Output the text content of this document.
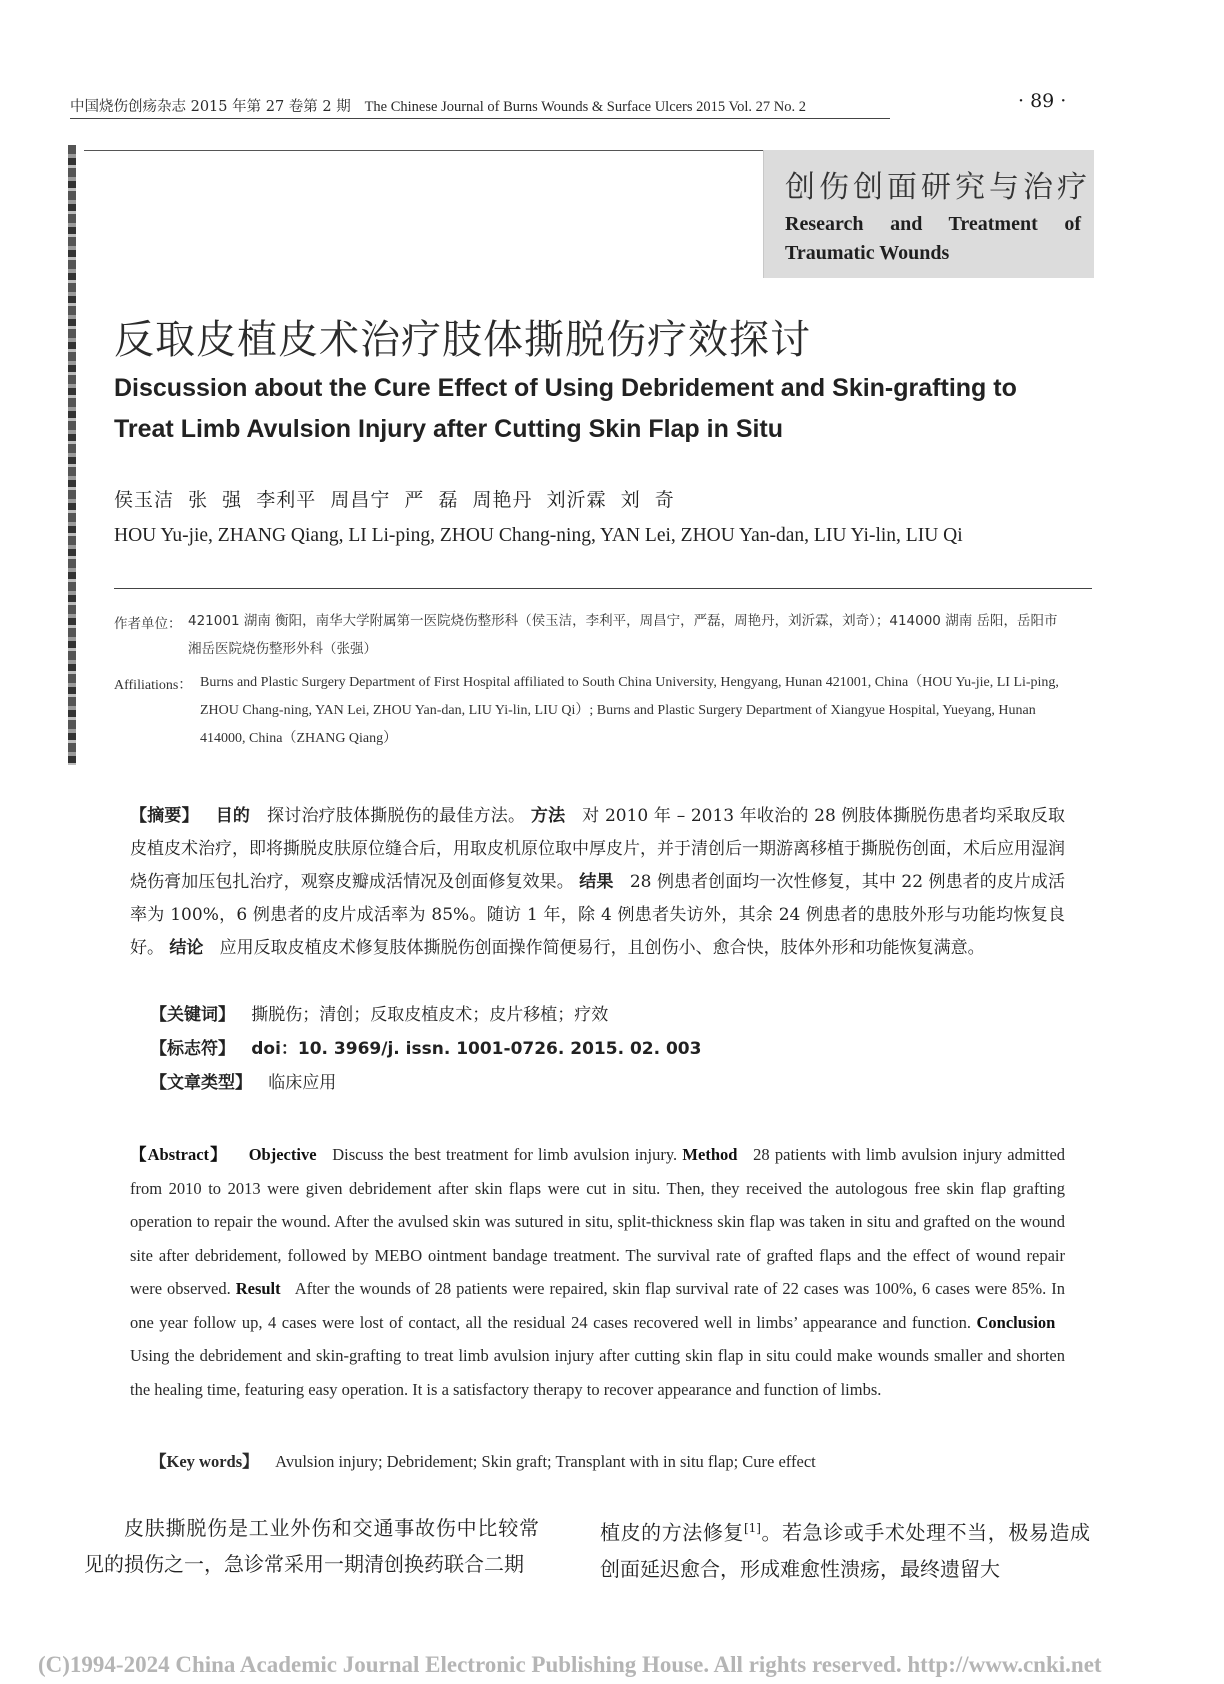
中国烧伤创疡杂志 2015 年第 27 卷第 2 期 The Chinese Journal of Burns Wounds & Surface Ulcers 2015 Vol. 27 No. 2	· 89 ·
创伤创面研究与治疗
Research and Treatment of
Traumatic Wounds
反取皮植皮术治疗肢体撕脱伤疗效探讨
Discussion about the Cure Effect of Using Debridement and Skin-grafting to Treat Limb Avulsion Injury after Cutting Skin Flap in Situ
侯玉洁  张  强  李利平  周昌宁  严  磊  周艳丹  刘沂霖  刘  奇
HOU Yu-jie, ZHANG Qiang, LI Li-ping, ZHOU Chang-ning, YAN Lei, ZHOU Yan-dan, LIU Yi-lin, LIU Qi
作者单位： 421001 湖南 衡阳，南华大学附属第一医院烧伤整形科（侯玉洁，李利平，周昌宁，严磊，周艳丹，刘沂霖，刘奇）；414000 湖南 岳阳，岳阳市湘岳医院烧伤整形外科（张强）
Affiliations： Burns and Plastic Surgery Department of First Hospital affiliated to South China University, Hengyang, Hunan 421001, China（HOU Yu-jie, LI Li-ping, ZHOU Chang-ning, YAN Lei, ZHOU Yan-dan, LIU Yi-lin, LIU Qi）; Burns and Plastic Surgery Department of Xiangyue Hospital, Yueyang, Hunan 414000, China（ZHANG Qiang）
【摘要】 目的 探讨治疗肢体撕脱伤的最佳方法。 方法 对 2010 年 – 2013 年收治的 28 例肢体撕脱伤患者均采取反取皮植皮术治疗，即将撕脱皮肤原位缝合后，用取皮机原位取中厚皮片，并于清创后一期游离移植于撕脱伤创面，术后应用湿润烧伤膏加压包扎治疗，观察皮瓣成活情况及创面修复效果。 结果 28 例患者创面均一次性修复，其中 22 例患者的皮片成活率为 100%，6 例患者的皮片成活率为 85%。随访 1 年，除 4 例患者失访外，其余 24 例患者的患肢外形与功能均恢复良好。 结论 应用反取皮植皮术修复肢体撕脱伤创面操作简便易行，且创伤小、愈合快，肢体外形和功能恢复满意。
【关键词】 撕脱伤；清创；反取皮植皮术；皮片移植；疗效
【标志符】 doi：10. 3969/j. issn. 1001-0726. 2015. 02. 003
【文章类型】 临床应用
【Abstract】 Objective Discuss the best treatment for limb avulsion injury. Method 28 patients with limb avulsion injury admitted from 2010 to 2013 were given debridement after skin flaps were cut in situ. Then, they received the autologous free skin flap grafting operation to repair the wound. After the avulsed skin was sutured in situ, split-thickness skin flap was taken in situ and grafted on the wound site after debridement, followed by MEBO ointment bandage treatment. The survival rate of grafted flaps and the effect of wound repair were observed. Result After the wounds of 28 patients were repaired, skin flap survival rate of 22 cases was 100%, 6 cases were 85%. In one year follow up, 4 cases were lost of contact, all the residual 24 cases recovered well in limbs’ appearance and function. Conclusion   Using the debridement and skin-grafting to treat limb avulsion injury after cutting skin flap in situ could make wounds smaller and shorten the healing time, featuring easy operation. It is a satisfactory therapy to recover appearance and function of limbs.
【Key words】 Avulsion injury; Debridement; Skin graft; Transplant with in situ flap; Cure effect
皮肤撕脱伤是工业外伤和交通事故伤中比较常见的损伤之一，急诊常采用一期清创换药联合二期
植皮的方法修复[1]。若急诊或手术处理不当，极易造成创面延迟愈合，形成难愈性溃疡，最终遗留大
(C)1994-2024 China Academic Journal Electronic Publishing House. All rights reserved. http://www.cnki.net
